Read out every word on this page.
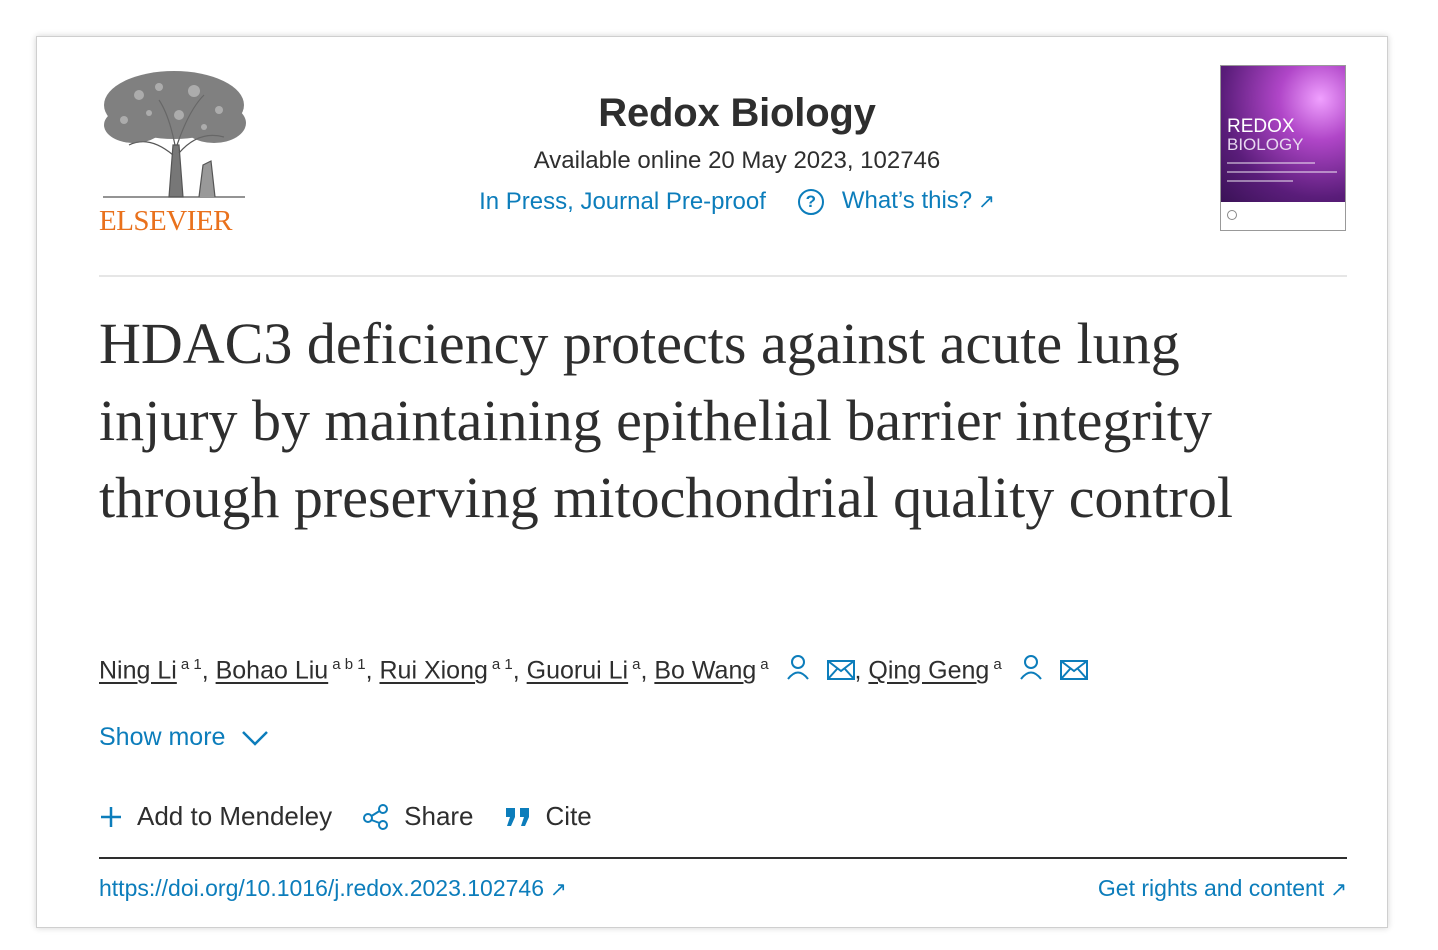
ELSEVIER
Redox Biology
Available online 20 May 2023, 102746
In Press, Journal Pre-proof	?	What’s this? ↗
REDOX
BIOLOGY
HDAC3 deficiency protects against acute lung injury by maintaining epithelial barrier integrity through preserving mitochondrial quality control
Ning Li $^{a 1}$, Bohao Liu $^{a b 1}$, Rui Xiong $^{a 1}$, Guorui Li $^a$, Bo Wang $^a$	, Qing Geng $^a$
Show more
Add to Mendeley	Share	Cite
https://doi.org/10.1016/j.redox.2023.102746 ↗	Get rights and content ↗
